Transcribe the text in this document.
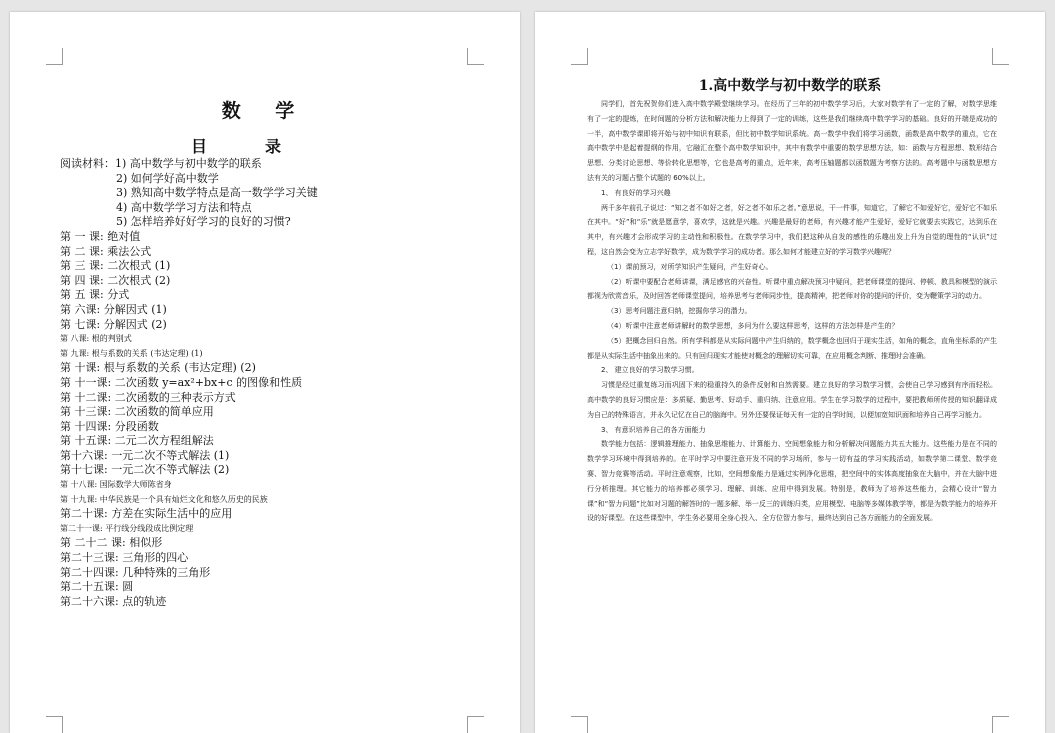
数 学
目录
阅读材料：1) 高中数学与初中数学的联系
2) 如何学好高中数学
3) 熟知高中数学特点是高一数学学习关键
4) 高中数学学习方法和特点
5) 怎样培养好好学习的良好的习惯?
第 一 课: 绝对值
第 二 课: 乘法公式
第 三 课: 二次根式 (1)
第 四 课: 二次根式 (2)
第 五 课: 分式
第 六课: 分解因式 (1)
第 七课: 分解因式 (2)
第 八课: 根的判别式
第 九课: 根与系数的关系 (韦达定理) (1)
第 十课: 根与系数的关系 (韦达定理) (2)
第 十一课: 二次函数 y=ax²+bx+c 的图像和性质
第 十二课: 二次函数的三种表示方式
第 十三课: 二次函数的简单应用
第 十四课: 分段函数
第 十五课: 二元二次方程组解法
第十六课: 一元二次不等式解法 (1)
第十七课: 一元二次不等式解法 (2)
第 十八课: 国际数学大师陈省身
第 十九课: 中华民族是一个具有灿烂文化和悠久历史的民族
第二十课: 方差在实际生活中的应用
第二十一课: 平行线分线段成比例定理
第 二十二 课: 相似形
第二十三课: 三角形的四心
第二十四课: 几种特殊的三角形
第二十五课: 圆
第二十六课: 点的轨迹
1.高中数学与初中数学的联系

同学们，首先祝贺你们进入高中数学殿堂继续学习。在经历了三年的初中数学学习后，大家对数学有了一定的了解，对数学思维有了一定的提炼，在时间题的分析方法和解决能力上得到了一定的训练，这些是我们继续高中数学学习的基础。良好的开端是成功的一半，高中数学课即将开始与初中知识有联系，但比初中数学知识系统。高一数学中我们将学习函数，函数是高中数学的重点，它在高中数学中是起着提纲的作用，它融汇在整个高中数学知识中，其中有数学中重要的数学思想方法，如：函数与方程思想、数形结合思想、分类讨论思想、等价转化思想等，它也是高考的重点，近年来，高考压轴题都以函数题为考察方法的。高考题中与函数思想方法有关的习题占整个试题的 60%以上。

1、 有良好的学习兴趣

两千多年前孔子说过：“知之者不如好之者，好之者不如乐之者。”意思说，干一件事，知道它，了解它不如爱好它，爱好它不如乐在其中。“好”和“乐”就是愿意学，喜欢学，这就是兴趣。兴趣是最好的老师，有兴趣才能产生爱好，爱好它就要去实践它，达到乐在其中，有兴趣才会形成学习的主动性和积极性。在数学学习中，我们把这种从自发的感性的乐趣出发上升为自觉的理性的“认识”过程，这自然会变为立志学好数学，成为数学学习的成功者。那么如何才能建立好的学习数学兴趣呢？

（1）课前预习，对所学知识产生疑问，产生好奇心。

（2）听课中要配合老师讲课，满足感官的兴奋性。听课中重点解决预习中疑问，把老师课堂的提问、停顿、教具和模型的演示都视为欣赏音乐，及时回答老师课堂提问，培养思考与老师同步性，提高精神，把老师对你的提问的评价，变为鞭策学习的动力。

（3）思考问题注意归纳，挖掘你学习的潜力。

（4）听课中注意老师讲解时的数学思想，多问为什么要这样思考，这样的方法怎样是产生的？

（5）把概念回归自然。所有学科都是从实际问题中产生归纳的，数学概念也回归于现实生活，如角的概念，直角坐标系的产生都是从实际生活中抽象出来的。只有回归现实才能使对概念的理解切实可靠，在应用概念判断、推理时会准确。

2、 建立良好的学习数学习惯。

习惯是经过重复练习而巩固下来的稳重持久的条件反射和自然需要。建立良好的学习数学习惯，会使自己学习感到有序而轻松。高中数学的良好习惯应是：多质疑、勤思考、好动手、重归纳、注意应用。学生在学习数学的过程中，要把教师所传授的知识翻译成为自己的特殊语言，并永久记忆在自己的脑海中。另外还要保证每天有一定的自学时间，以便加宽知识面和培养自己再学习能力。

3、 有意识培养自己的各方面能力

数学能力包括：逻辑推理能力、抽象思维能力、计算能力、空间想象能力和分析解决问题能力共五大能力。这些能力是在不同的数学学习环境中得到培养的。在平时学习中要注意开发不同的学习场所，参与一切有益的学习实践活动，如数学第二课堂、数学竞赛、智力竞赛等活动。平时注意观察，比如，空间想象能力是通过实例净化思维，把空间中的实体高度抽象在大脑中，并在大脑中进行分析推理。其它能力的培养都必须学习、理解、训练、应用中得到发展。特别是，教师为了培养这些能力，会精心设计“智力课”和“智力问题”比如对习题的解答时的一题多解、举一反三的训练归类，应用模型、电脑等多媒体教学等，都是为数学能力的培养开设的好课型。在这些课型中，学生务必要用全身心投入、全方位智力参与，最终达到自己各方面能力的全面发展。
